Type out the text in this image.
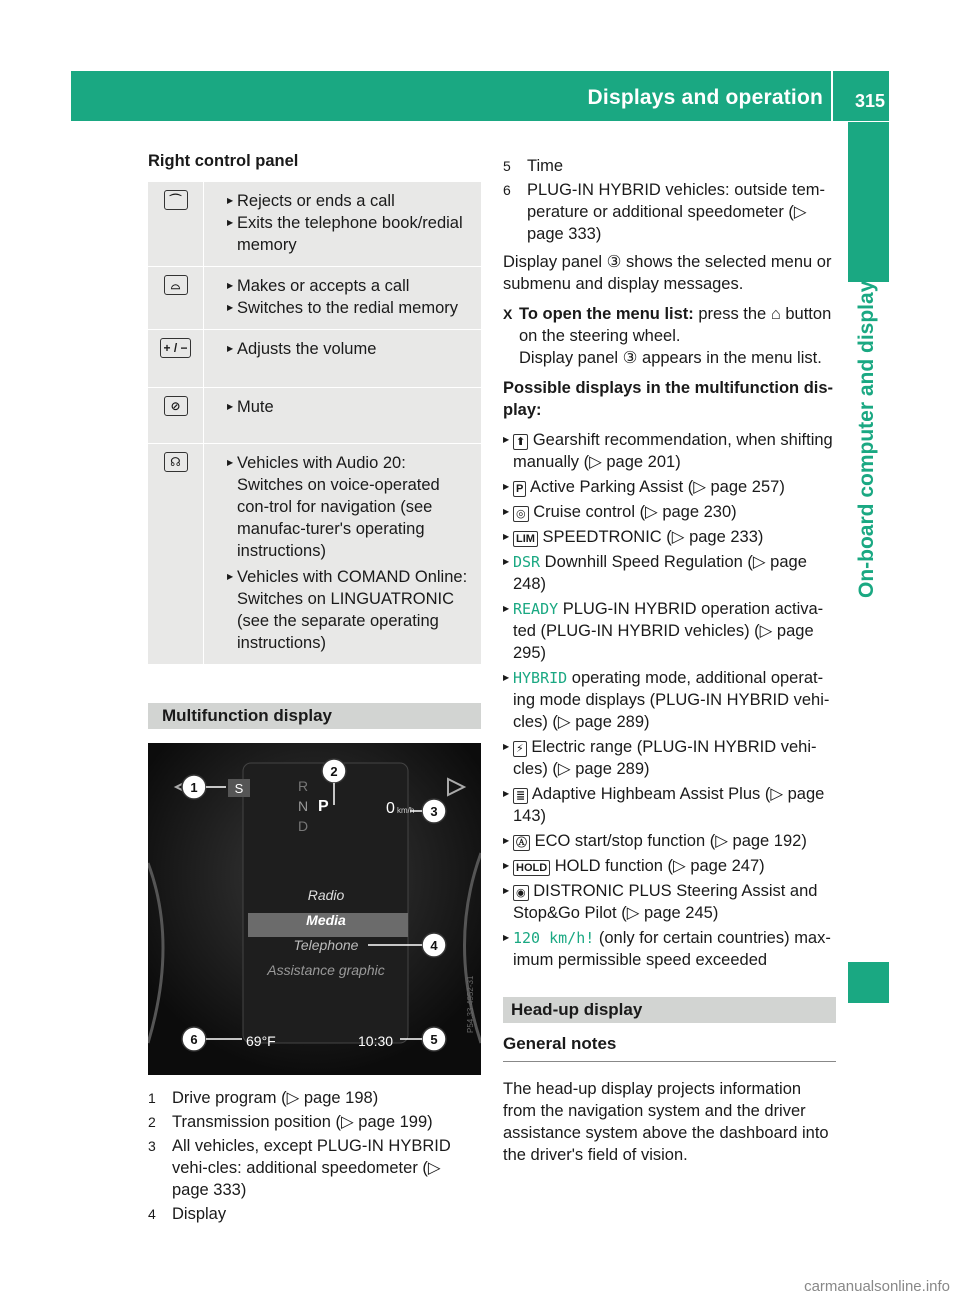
Displays and operation 315
On-board computer and displays
Right control panel
⌒	▶ Rejects or ends a call
▶ Exits the telephone book/redial memory

⌓	▶ Makes or accepts a call
▶ Switches to the redial memory

+ / −	▶ Adjusts the volume

⊘	▶ Mute

☊	▶ Vehicles with Audio 20:
Switches on voice-operated con-trol for navigation (see manufac-turer's operating instructions)
▶ Vehicles with COMAND Online:
Switches on LINGUATRONIC (see the separate operating instructions)
Multifunction display
S	R
N P
D
0 km/h
Radio
Media
Telephone
Assistance graphic
69°F	10:30
P54.33-4952-31
1
2
3
4
5
6
1 Drive program (▷ page 198)
2 Transmission position (▷ page 199)
3 All vehicles, except PLUG-IN HYBRID vehi-cles: additional speedometer (▷ page 333)
4 Display
5 Time
6 PLUG-IN HYBRID vehicles: outside tem-perature or additional speedometer (▷ page 333)

Display panel ③ shows the selected menu or submenu and display messages.

X To open the menu list: press the ⌂ button on the steering wheel.
Display panel ③ appears in the menu list.

Possible displays in the multifunction dis-play:

▶ ⬆ Gearshift recommendation, when shifting manually (▷ page 201)
▶ P Active Parking Assist (▷ page 257)
▶ ◎ Cruise control (▷ page 230)
▶ LIM SPEEDTRONIC (▷ page 233)
▶ DSR Downhill Speed Regulation (▷ page 248)
▶ READY PLUG-IN HYBRID operation activa-ted (PLUG-IN HYBRID vehicles) (▷ page 295)
▶ HYBRID operating mode, additional operat-ing mode displays (PLUG-IN HYBRID vehi-cles) (▷ page 289)
▶ ⚡ Electric range (PLUG-IN HYBRID vehi-cles) (▷ page 289)
▶ ≣ Adaptive Highbeam Assist Plus (▷ page 143)
▶ Ⓐ ECO start/stop function (▷ page 192)
▶ HOLD HOLD function (▷ page 247)
▶ ◉ DISTRONIC PLUS Steering Assist and Stop&Go Pilot (▷ page 245)
▶ 120 km/h! (only for certain countries) max-imum permissible speed exceeded
Head-up display
General notes

The head-up display projects information from the navigation system and the driver assistance system above the dashboard into the driver's field of vision.

carmanualsonline.info
